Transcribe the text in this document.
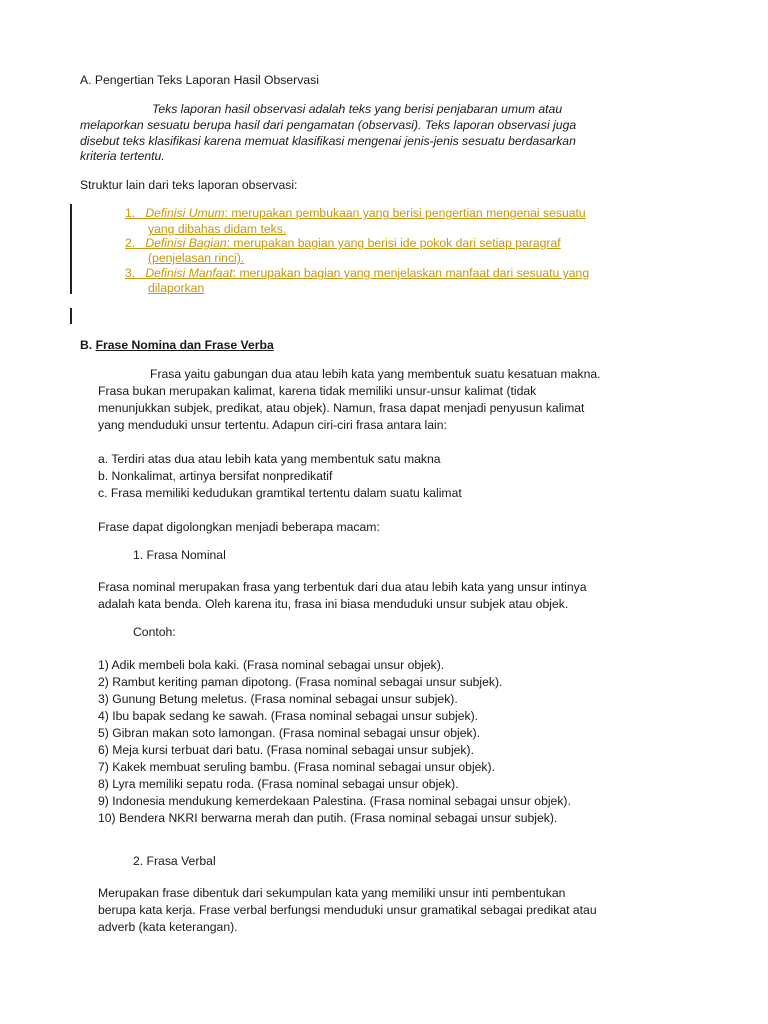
A. Pengertian Teks Laporan Hasil Observasi
Teks laporan hasil observasi adalah teks yang berisi penjabaran umum atau
melaporkan sesuatu berupa hasil dari pengamatan (observasi). Teks laporan observasi juga
disebut teks klasifikasi karena memuat klasifikasi mengenai jenis-jenis sesuatu berdasarkan
kriteria tertentu.
Struktur lain dari teks laporan observasi:
1. Definisi Umum: merupakan pembukaan yang berisi pengertian mengenai sesuatu
yang dibahas didam teks.
2. Definisi Bagian: merupakan bagian yang berisi ide pokok dari setiap paragraf
(penjelasan rinci).
3. Definisi Manfaat: merupakan bagian yang menjelaskan manfaat dari sesuatu yang
dilaporkan
B. Frase Nomina dan Frase Verba
Frasa yaitu gabungan dua atau lebih kata yang membentuk suatu kesatuan makna.
Frasa bukan merupakan kalimat, karena tidak memiliki unsur-unsur kalimat (tidak
menunjukkan subjek, predikat, atau objek). Namun, frasa dapat menjadi penyusun kalimat
yang menduduki unsur tertentu. Adapun ciri-ciri frasa antara lain:
a. Terdiri atas dua atau lebih kata yang membentuk satu makna
b. Nonkalimat, artinya bersifat nonpredikatif
c. Frasa memiliki kedudukan gramtikal tertentu dalam suatu kalimat
Frase dapat digolongkan menjadi beberapa macam:
1. Frasa Nominal
Frasa nominal merupakan frasa yang terbentuk dari dua atau lebih kata yang unsur intinya
adalah kata benda. Oleh karena itu, frasa ini biasa menduduki unsur subjek atau objek.
Contoh:
1) Adik membeli bola kaki. (Frasa nominal sebagai unsur objek).
2) Rambut keriting paman dipotong. (Frasa nominal sebagai unsur subjek).
3) Gunung Betung meletus. (Frasa nominal sebagai unsur subjek).
4) Ibu bapak sedang ke sawah. (Frasa nominal sebagai unsur subjek).
5) Gibran makan soto lamongan. (Frasa nominal sebagai unsur objek).
6) Meja kursi terbuat dari batu. (Frasa nominal sebagai unsur subjek).
7) Kakek membuat seruling bambu. (Frasa nominal sebagai unsur objek).
8) Lyra memiliki sepatu roda. (Frasa nominal sebagai unsur objek).
9) Indonesia mendukung kemerdekaan Palestina. (Frasa nominal sebagai unsur objek).
10) Bendera NKRI berwarna merah dan putih. (Frasa nominal sebagai unsur subjek).
2. Frasa Verbal
Merupakan frase dibentuk dari sekumpulan kata yang memiliki unsur inti pembentukan
berupa kata kerja. Frase verbal berfungsi menduduki unsur gramatikal sebagai predikat atau
adverb (kata keterangan).
